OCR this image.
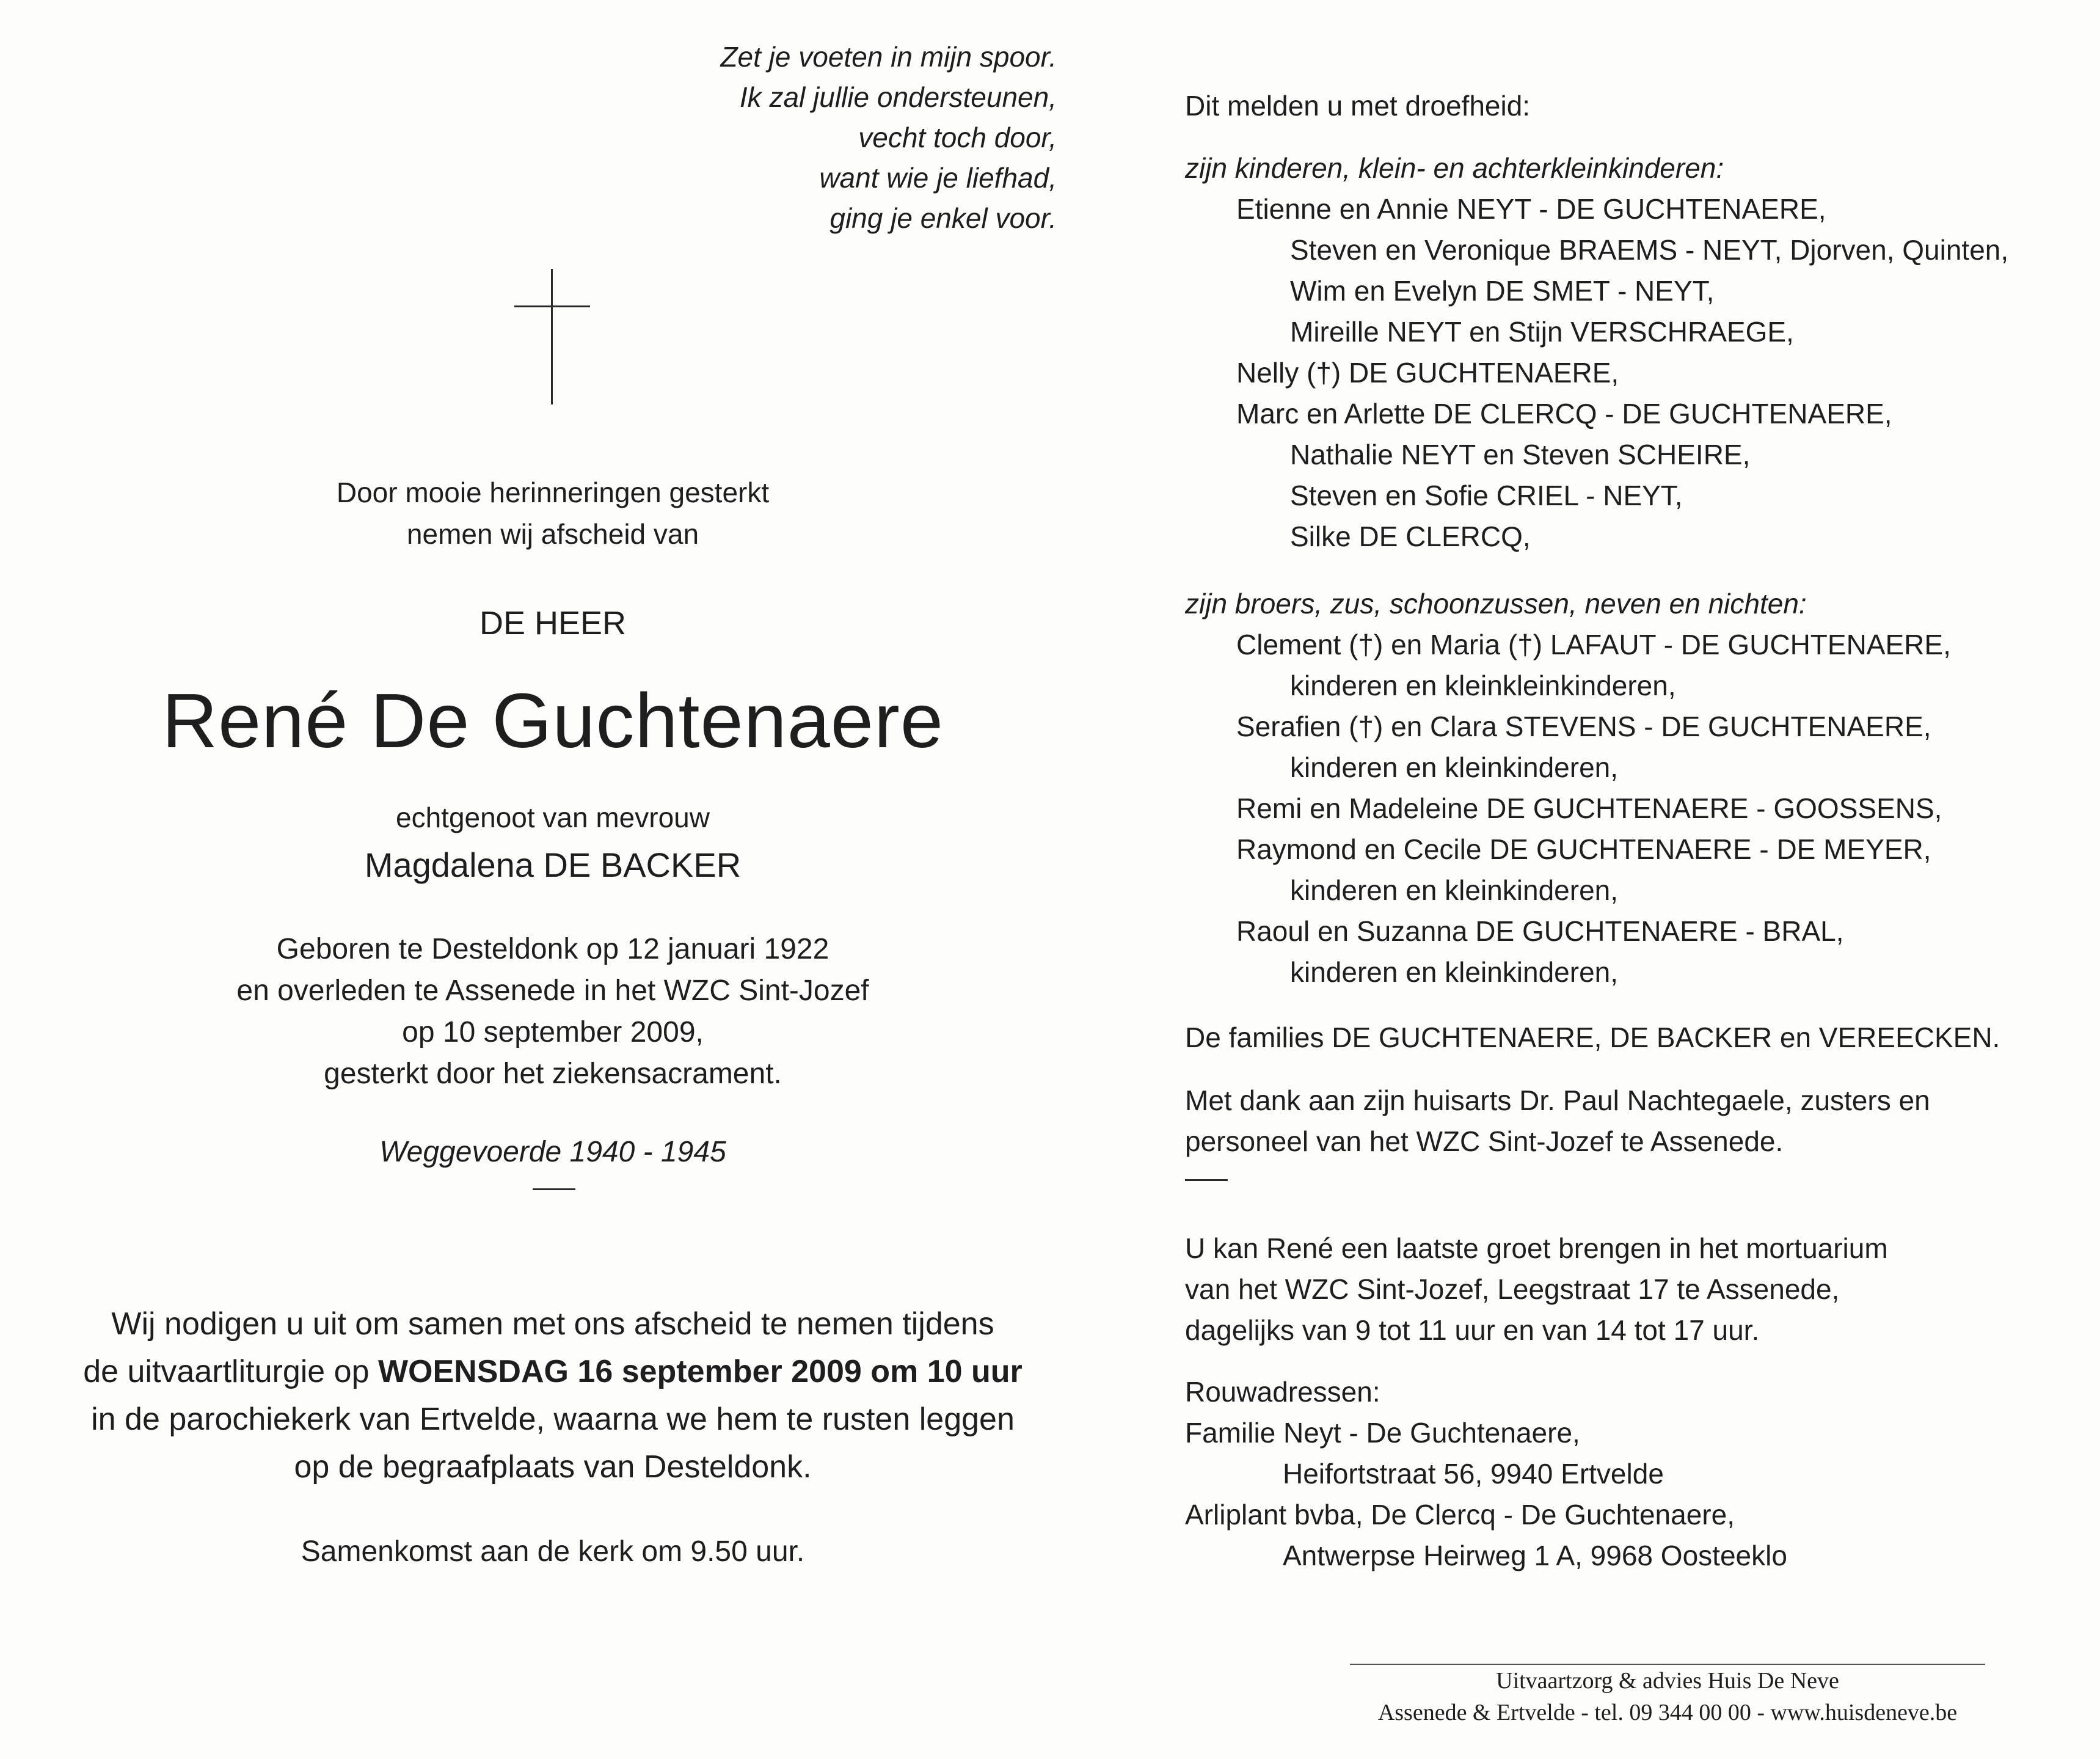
Zet je voeten in mijn spoor.
Ik zal jullie ondersteunen,
vecht toch door,
want wie je liefhad,
ging je enkel voor.
Door mooie herinneringen gesterkt
nemen wij afscheid van
DE HEER
René De Guchtenaere
echtgenoot van mevrouw
Magdalena DE BACKER
Geboren te Desteldonk op 12 januari 1922
en overleden te Assenede in het WZC Sint-Jozef
op 10 september 2009,
gesterkt door het ziekensacrament.
Weggevoerde 1940 - 1945
Wij nodigen u uit om samen met ons afscheid te nemen tijdens
de uitvaartliturgie op WOENSDAG 16 september 2009 om 10 uur
in de parochiekerk van Ertvelde, waarna we hem te rusten leggen
op de begraafplaats van Desteldonk.
Samenkomst aan de kerk om 9.50 uur.
Dit melden u met droefheid:
zijn kinderen, klein- en achterkleinkinderen:
Etienne en Annie NEYT - DE GUCHTENAERE,
Steven en Veronique BRAEMS - NEYT, Djorven, Quinten,
Wim en Evelyn DE SMET - NEYT,
Mireille NEYT en Stijn VERSCHRAEGE,
Nelly (†) DE GUCHTENAERE,
Marc en Arlette DE CLERCQ - DE GUCHTENAERE,
Nathalie NEYT en Steven SCHEIRE,
Steven en Sofie CRIEL - NEYT,
Silke DE CLERCQ,
zijn broers, zus, schoonzussen, neven en nichten:
Clement (†) en Maria (†) LAFAUT - DE GUCHTENAERE,
kinderen en kleinkleinkinderen,
Serafien (†) en Clara STEVENS - DE GUCHTENAERE,
kinderen en kleinkinderen,
Remi en Madeleine DE GUCHTENAERE - GOOSSENS,
Raymond en Cecile DE GUCHTENAERE - DE MEYER,
kinderen en kleinkinderen,
Raoul en Suzanna DE GUCHTENAERE - BRAL,
kinderen en kleinkinderen,
De families DE GUCHTENAERE, DE BACKER en VEREECKEN.
Met dank aan zijn huisarts Dr. Paul Nachtegaele, zusters en
personeel van het WZC Sint-Jozef te Assenede.
U kan René een laatste groet brengen in het mortuarium
van het WZC Sint-Jozef, Leegstraat 17 te Assenede,
dagelijks van 9 tot 11 uur en van 14 tot 17 uur.
Rouwadressen:
Familie Neyt - De Guchtenaere,
Heifortstraat 56, 9940 Ertvelde
Arliplant bvba, De Clercq - De Guchtenaere,
Antwerpse Heirweg 1 A, 9968 Oosteeklo
Uitvaartzorg & advies Huis De Neve
Assenede & Ertvelde - tel. 09 344 00 00 - www.huisdeneve.be
